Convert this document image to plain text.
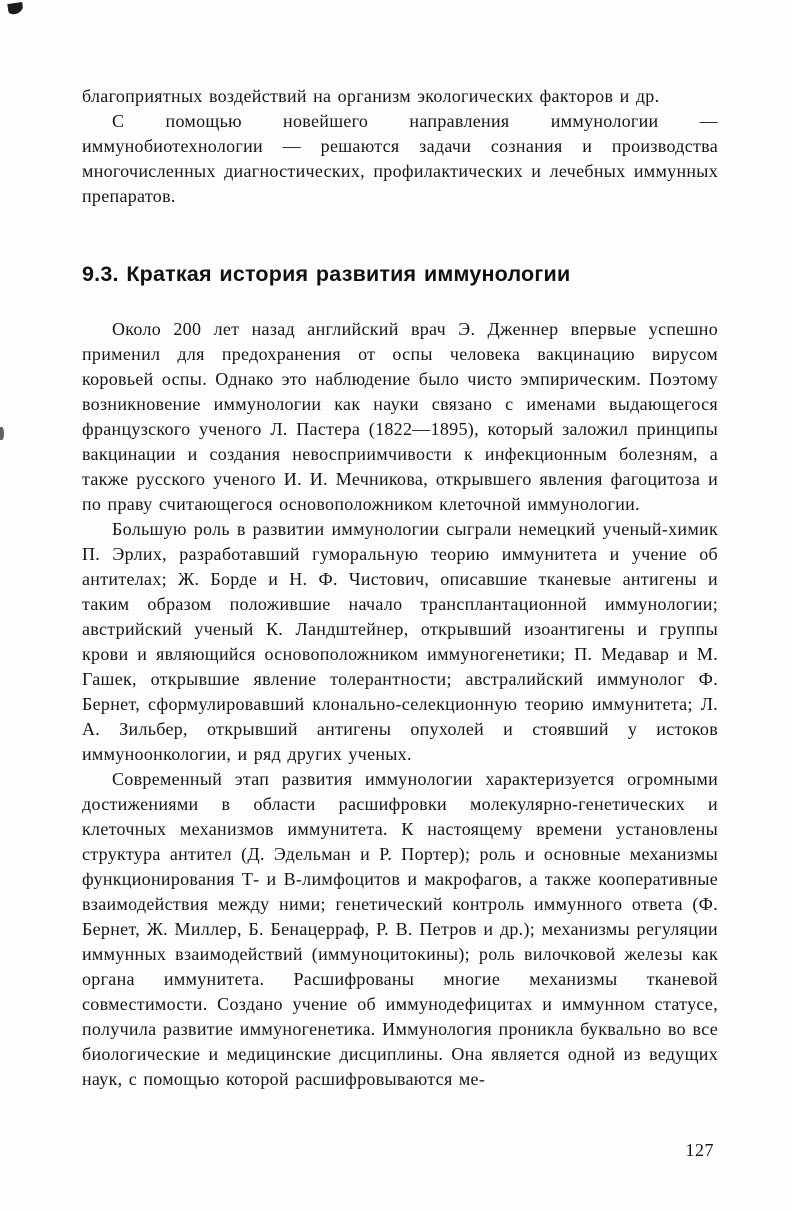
благоприятных воздействий на организм экологических факторов и др.

С помощью новейшего направления иммунологии — иммунобиотехнологии — решаются задачи сознания и производства многочисленных диагностических, профилактических и лечебных иммунных препаратов.

9.3. Краткая история развития иммунологии

Около 200 лет назад английский врач Э. Дженнер впервые успешно применил для предохранения от оспы человека вакцинацию вирусом коровьей оспы. Однако это наблюдение было чисто эмпирическим. Поэтому возникновение иммунологии как науки связано с именами выдающегося французского ученого Л. Пастера (1822—1895), который заложил принципы вакцинации и создания невосприимчивости к инфекционным болезням, а также русского ученого И. И. Мечникова, открывшего явления фагоцитоза и по праву считающегося основоположником клеточной иммунологии.

Большую роль в развитии иммунологии сыграли немецкий ученый-химик П. Эрлих, разработавший гуморальную теорию иммунитета и учение об антителах; Ж. Борде и Н. Ф. Чистович, описавшие тканевые антигены и таким образом положившие начало трансплантационной иммунологии; австрийский ученый К. Ландштейнер, открывший изоантигены и группы крови и являющийся основоположником иммуногенетики; П. Медавар и М. Гашек, открывшие явление толерантности; австралийский иммунолог Ф. Бернет, сформулировавший клонально-селекционную теорию иммунитета; Л. А. Зильбер, открывший антигены опухолей и стоявший у истоков иммуноонкологии, и ряд других ученых.

Современный этап развития иммунологии характеризуется огромными достижениями в области расшифровки молекулярно-генетических и клеточных механизмов иммунитета. К настоящему времени установлены структура антител (Д. Эдельман и Р. Портер); роль и основные механизмы функционирования Т- и В-лимфоцитов и макрофагов, а также кооперативные взаимодействия между ними; генетический контроль иммунного ответа (Ф. Бернет, Ж. Миллер, Б. Бенацерраф, Р. В. Петров и др.); механизмы регуляции иммунных взаимодействий (иммуноцитокины); роль вилочковой железы как органа иммунитета. Расшифрованы многие механизмы тканевой совместимости. Создано учение об иммунодефицитах и иммунном статусе, получила развитие иммуногенетика. Иммунология проникла буквально во все биологические и медицинские дисциплины. Она является одной из ведущих наук, с помощью которой расшифровываются ме-

127
